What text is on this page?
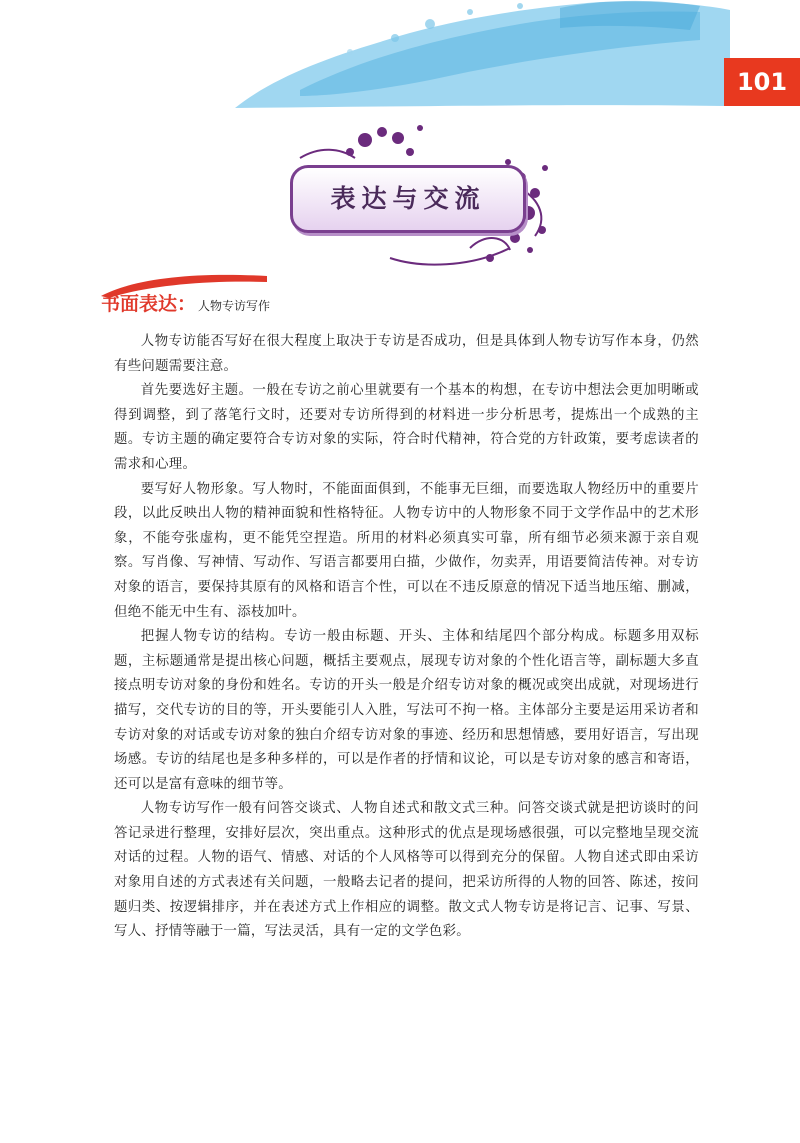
101
表达与交流
书面表达： 人物专访写作

人物专访能否写好在很大程度上取决于专访是否成功，但是具体到人物专访写作本身，仍然有些问题需要注意。

首先要选好主题。一般在专访之前心里就要有一个基本的构想，在专访中想法会更加明晰或得到调整，到了落笔行文时，还要对专访所得到的材料进一步分析思考，提炼出一个成熟的主题。专访主题的确定要符合专访对象的实际，符合时代精神，符合党的方针政策，要考虑读者的需求和心理。

要写好人物形象。写人物时，不能面面俱到，不能事无巨细，而要选取人物经历中的重要片段，以此反映出人物的精神面貌和性格特征。人物专访中的人物形象不同于文学作品中的艺术形象，不能夸张虚构，更不能凭空捏造。所用的材料必须真实可靠，所有细节必须来源于亲自观察。写肖像、写神情、写动作、写语言都要用白描，少做作，勿卖弄，用语要简洁传神。对专访对象的语言，要保持其原有的风格和语言个性，可以在不违反原意的情况下适当地压缩、删减，但绝不能无中生有、添枝加叶。

把握人物专访的结构。专访一般由标题、开头、主体和结尾四个部分构成。标题多用双标题，主标题通常是提出核心问题，概括主要观点，展现专访对象的个性化语言等，副标题大多直接点明专访对象的身份和姓名。专访的开头一般是介绍专访对象的概况或突出成就，对现场进行描写，交代专访的目的等，开头要能引人入胜，写法可不拘一格。主体部分主要是运用采访者和专访对象的对话或专访对象的独白介绍专访对象的事迹、经历和思想情感，要用好语言，写出现场感。专访的结尾也是多种多样的，可以是作者的抒情和议论，可以是专访对象的感言和寄语，还可以是富有意味的细节等。

人物专访写作一般有问答交谈式、人物自述式和散文式三种。问答交谈式就是把访谈时的问答记录进行整理，安排好层次，突出重点。这种形式的优点是现场感很强，可以完整地呈现交流对话的过程。人物的语气、情感、对话的个人风格等可以得到充分的保留。人物自述式即由采访对象用自述的方式表述有关问题，一般略去记者的提问，把采访所得的人物的回答、陈述，按问题归类、按逻辑排序，并在表述方式上作相应的调整。散文式人物专访是将记言、记事、写景、写人、抒情等融于一篇，写法灵活，具有一定的文学色彩。
